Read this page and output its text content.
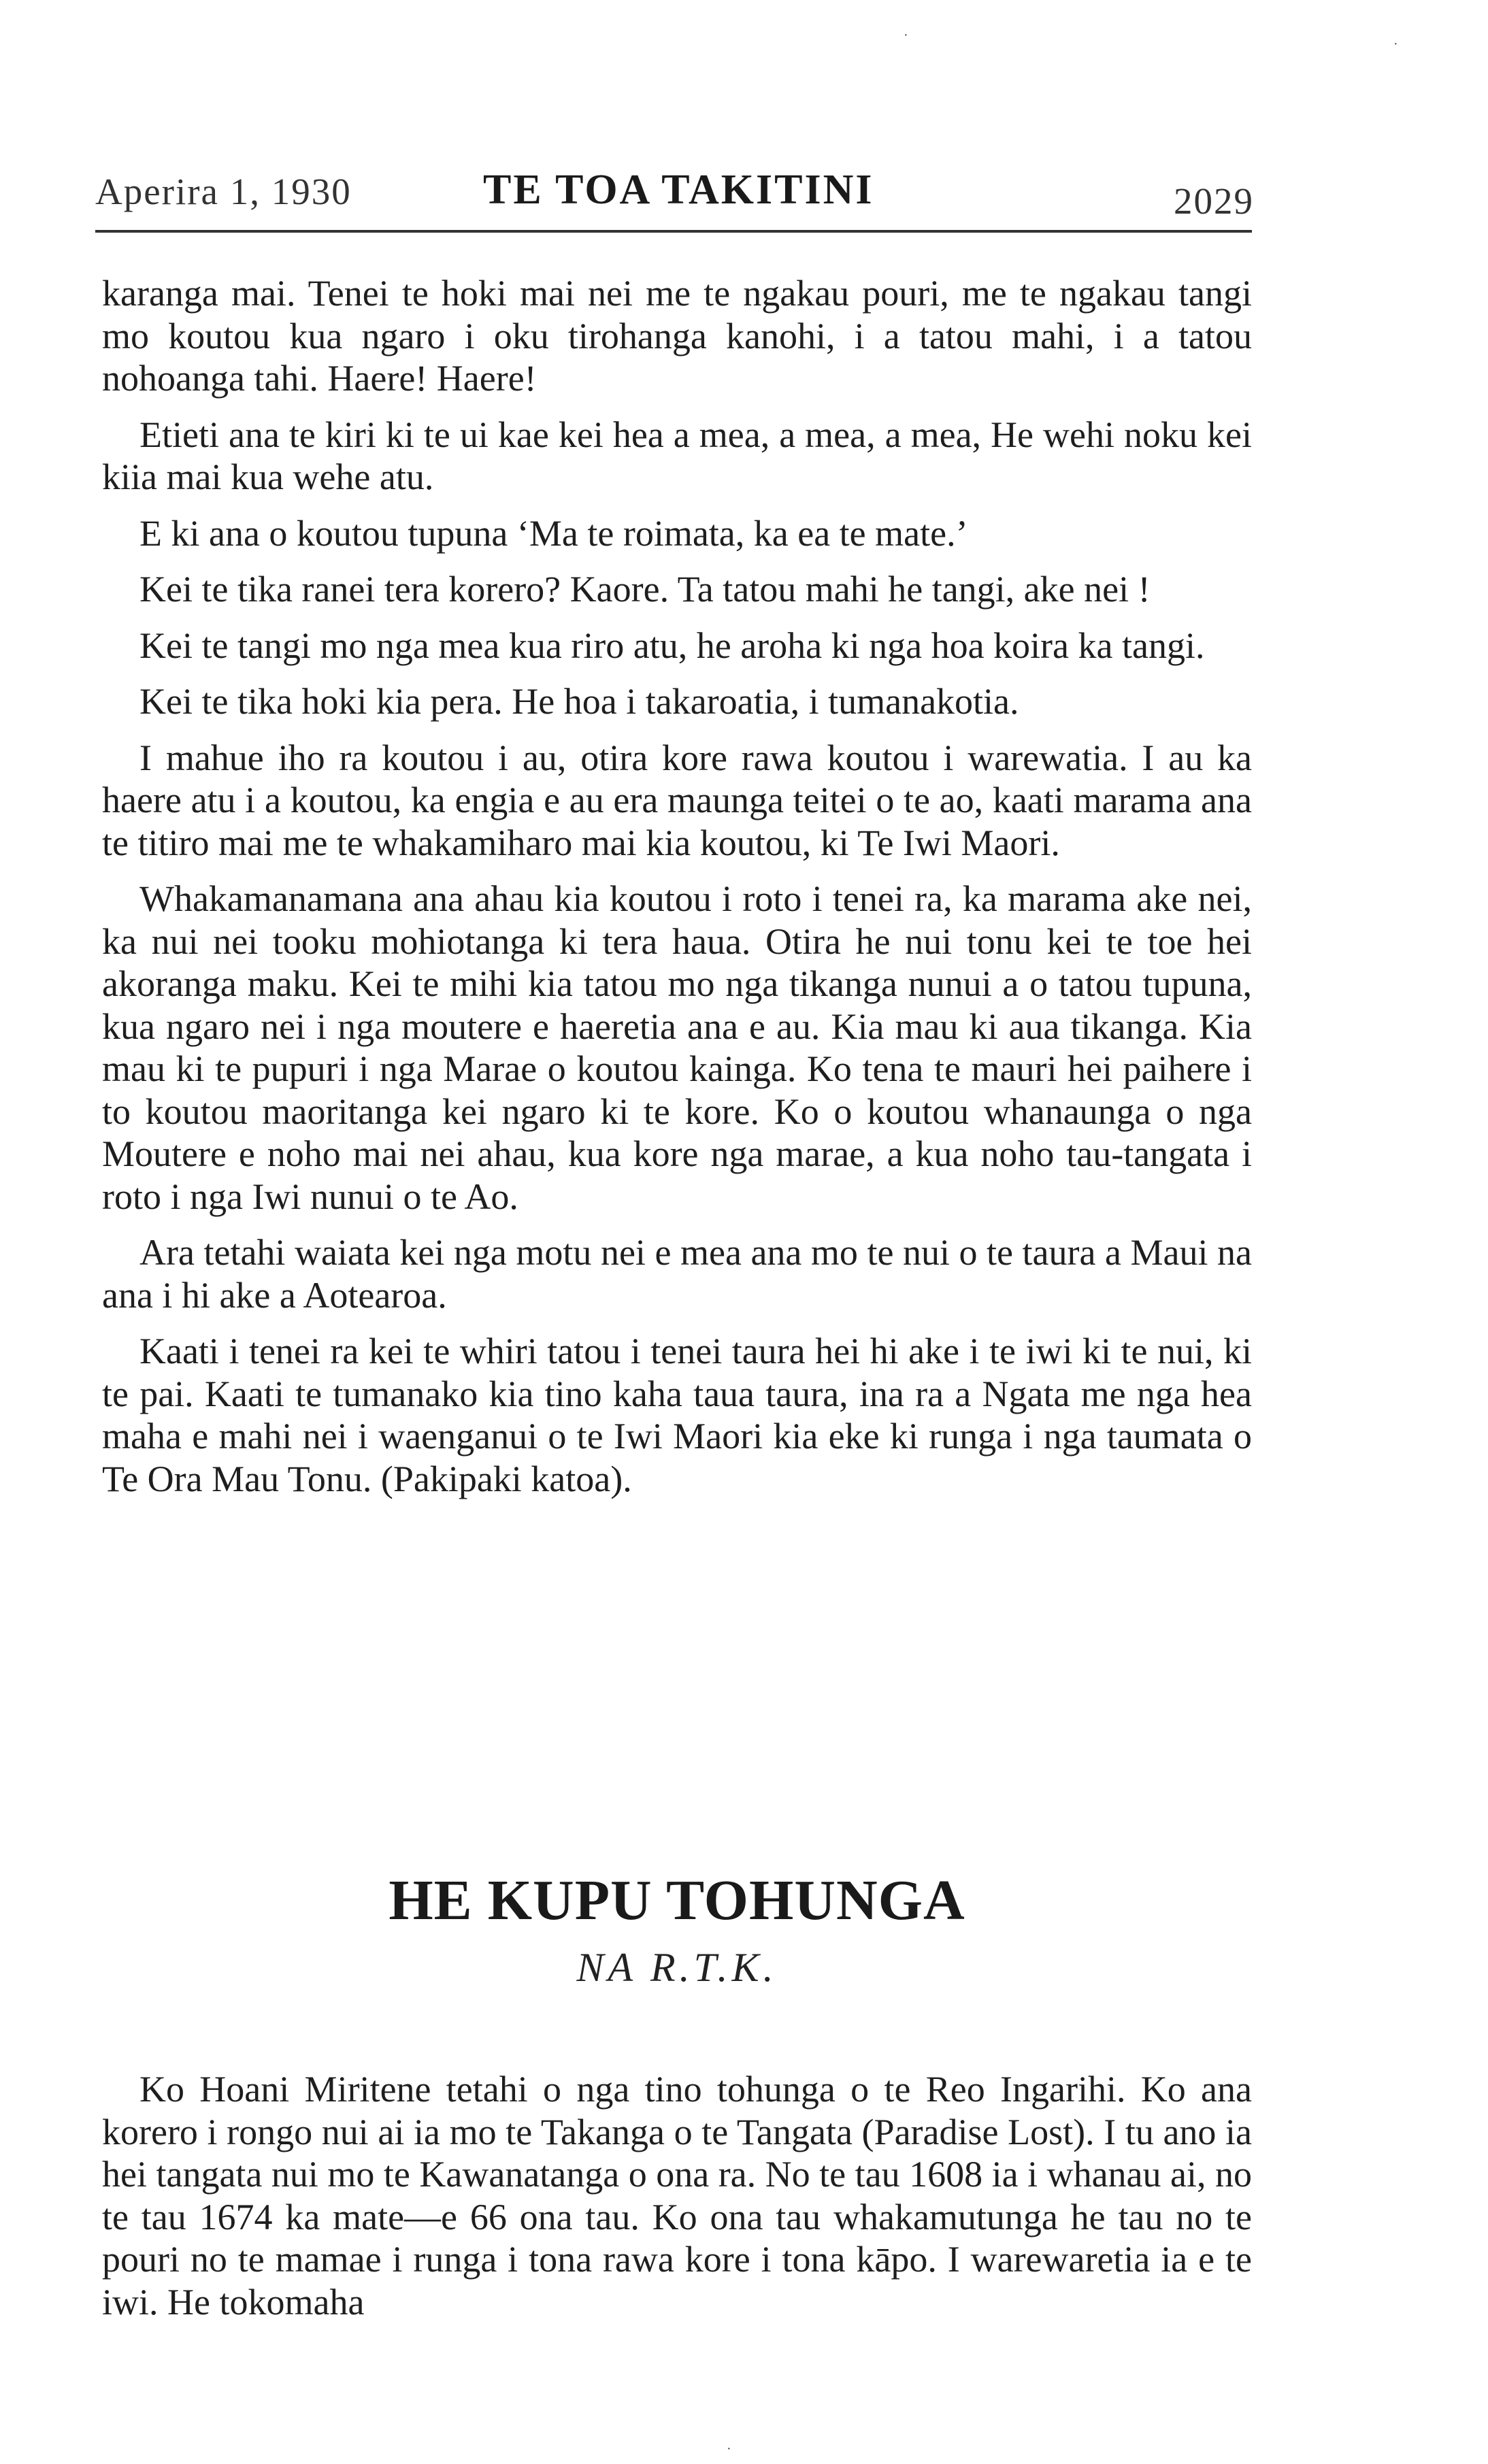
·
·
Aperira 1, 1930	TE TOA TAKITINI	2029

karanga mai. Tenei te hoki mai nei me te ngakau pouri, me te ngakau tangi mo koutou kua ngaro i oku tirohanga kanohi, i a tatou mahi, i a tatou nohoanga tahi. Haere! Haere!

Etieti ana te kiri ki te ui kae kei hea a mea, a mea, a mea, He wehi noku kei kiia mai kua wehe atu.

E ki ana o koutou tupuna ‘Ma te roimata, ka ea te mate.’

Kei te tika ranei tera korero? Kaore. Ta tatou mahi he tangi, ake nei !

Kei te tangi mo nga mea kua riro atu, he aroha ki nga hoa koira ka tangi.

Kei te tika hoki kia pera. He hoa i takaroatia, i tumanakotia.

I mahue iho ra koutou i au, otira kore rawa koutou i warewatia. I au ka haere atu i a koutou, ka engia e au era maunga teitei o te ao, kaati marama ana te titiro mai me te whakamiharo mai kia koutou, ki Te Iwi Maori.

Whakamanamana ana ahau kia koutou i roto i tenei ra, ka marama ake nei, ka nui nei tooku mohiotanga ki tera haua. Otira he nui tonu kei te toe hei akoranga maku. Kei te mihi kia tatou mo nga tikanga nunui a o tatou tupuna, kua ngaro nei i nga moutere e haeretia ana e au. Kia mau ki aua tikanga. Kia mau ki te pupuri i nga Marae o koutou kainga. Ko tena te mauri hei paihere i to koutou maoritanga kei ngaro ki te kore. Ko o koutou whanaunga o nga Moutere e noho mai nei ahau, kua kore nga marae, a kua noho tau-tangata i roto i nga Iwi nunui o te Ao.

Ara tetahi waiata kei nga motu nei e mea ana mo te nui o te taura a Maui na ana i hi ake a Aotearoa.

Kaati i tenei ra kei te whiri tatou i tenei taura hei hi ake i te iwi ki te nui, ki te pai. Kaati te tumanako kia tino kaha taua taura, ina ra a Ngata me nga hea maha e mahi nei i waenganui o te Iwi Maori kia eke ki runga i nga taumata o Te Ora Mau Tonu. (Pakipaki katoa).

HE KUPU TOHUNGA
NA R.T.K.

Ko Hoani Miritene tetahi o nga tino tohunga o te Reo Ingarihi. Ko ana korero i rongo nui ai ia mo te Takanga o te Tangata (Paradise Lost). I tu ano ia hei tangata nui mo te Kawanatanga o ona ra. No te tau 1608 ia i whanau ai, no te tau 1674 ka mate—e 66 ona tau. Ko ona tau whakamutunga he tau no te pouri no te mamae i runga i tona rawa kore i tona kāpo. I warewaretia ia e te iwi. He tokomaha

·
